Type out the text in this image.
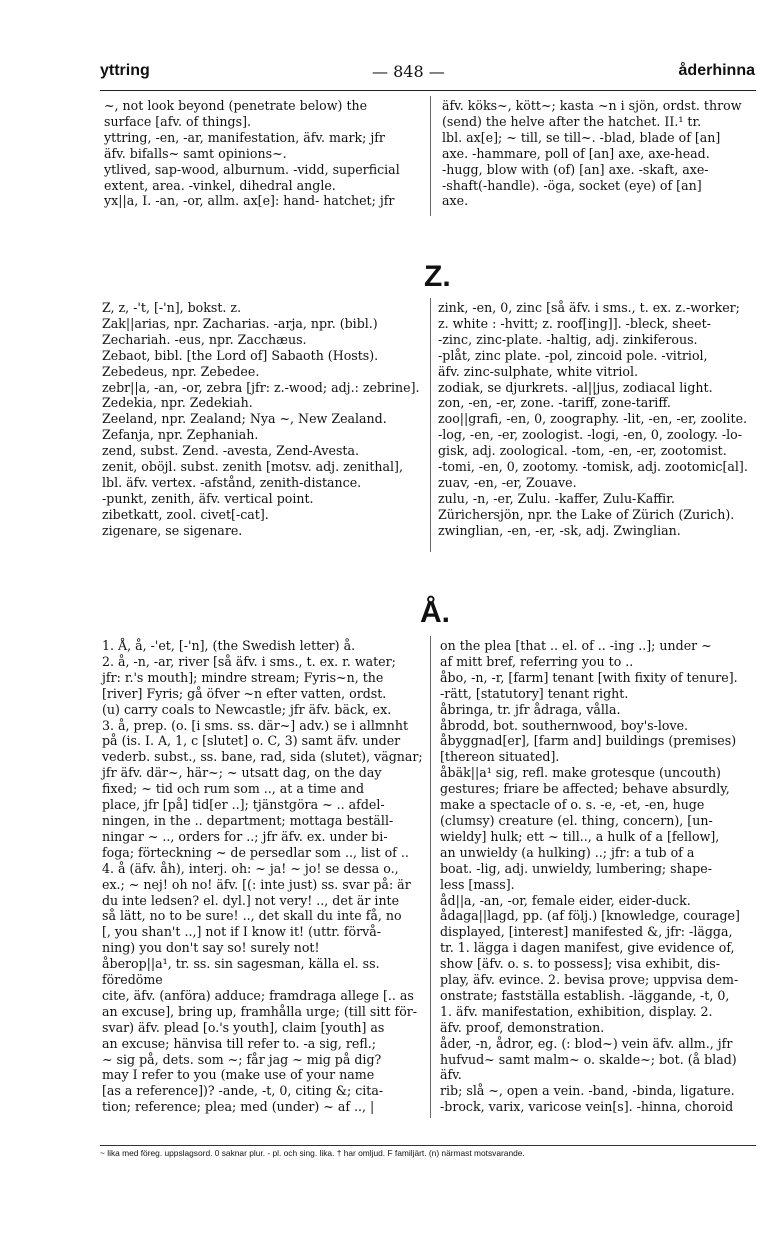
yttring	— 848 —	åderhinna

~, not look beyond (penetrate below) the

surface [afv. of things].

yttring, -en, -ar, manifestation, äfv. mark; jfr

äfv. bifalls~ samt opinions~.

ytlived, sap-wood, alburnum. -vidd, superficial

extent, area. -vinkel, dihedral angle.

yx||a, I. -an, -or, allm. ax[e]: hand- hatchet; jfr

äfv. köks~, kött~; kasta ~n i sjön, ordst. throw

(send) the helve after the hatchet. II.¹ tr.

lbl. ax[e]; ~ till, se till~. -blad, blade of [an]

axe. -hammare, poll of [an] axe, axe-head.

-hugg, blow with (of) [an] axe. -skaft, axe-

-shaft(-handle). -öga, socket (eye) of [an]

axe.

Z.

Z, z, -'t, [-'n], bokst. z.

Zak||arias, npr. Zacharias. -arja, npr. (bibl.)

Zechariah. -eus, npr. Zacchæus.

Zebaot, bibl. [the Lord of] Sabaoth (Hosts).

Zebedeus, npr. Zebedee.

zebr||a, -an, -or, zebra [jfr: z.-wood; adj.: zebrine].

Zedekia, npr. Zedekiah.

Zeeland, npr. Zealand; Nya ~, New Zealand.

Zefanja, npr. Zephaniah.

zend, subst. Zend. -avesta, Zend-Avesta.

zenit, oböjl. subst. zenith [motsv. adj. zenithal],

lbl. äfv. vertex. -afstånd, zenith-distance.

-punkt, zenith, äfv. vertical point.

zibetkatt, zool. civet[-cat].

zigenare, se sigenare.

zink, -en, 0, zinc [så äfv. i sms., t. ex. z.-worker;

z. white : -hvitt; z. roof[ing]]. -bleck, sheet-

-zinc, zinc-plate. -haltig, adj. zinkiferous.

-plåt, zinc plate. -pol, zincoid pole. -vitriol,

äfv. zinc-sulphate, white vitriol.

zodiak, se djurkrets. -al||jus, zodiacal light.

zon, -en, -er, zone. -tariff, zone-tariff.

zoo||grafi, -en, 0, zoography. -lit, -en, -er, zoolite.

-log, -en, -er, zoologist. -logi, -en, 0, zoology. -lo-

gisk, adj. zoological. -tom, -en, -er, zootomist.

-tomi, -en, 0, zootomy. -tomisk, adj. zootomic[al].

zuav, -en, -er, Zouave.

zulu, -n, -er, Zulu. -kaffer, Zulu-Kaffir.

Zürichersjön, npr. the Lake of Zürich (Zurich).

zwinglian, -en, -er, -sk, adj. Zwinglian.

Å.

1. Å, å, -'et, [-'n], (the Swedish letter) å.

2. å, -n, -ar, river [så äfv. i sms., t. ex. r. water;

jfr: r.'s mouth]; mindre stream; Fyris~n, the

[river] Fyris; gå öfver ~n efter vatten, ordst.

(u) carry coals to Newcastle; jfr äfv. bäck, ex.

3. å, prep. (o. [i sms. ss. där~] adv.) se i allmnht

på (is. I. A, 1, c [slutet] o. C, 3) samt äfv. under

vederb. subst., ss. bane, rad, sida (slutet), vägnar;

jfr äfv. där~, här~; ~ utsatt dag, on the day

fixed; ~ tid och rum som .., at a time and

place, jfr [på] tid[er ..]; tjänstgöra ~ .. afdel-

ningen, in the .. department; mottaga beställ-

ningar ~ .., orders for ..; jfr äfv. ex. under bi-

foga; förteckning ~ de persedlar som .., list of ..

4. å (äfv. åh), interj. oh: ~ ja! ~ jo! se dessa o.,

ex.; ~ nej! oh no! äfv. [(: inte just) ss. svar på: är

du inte ledsen? el. dyl.] not very! .., det är inte

så lätt, no to be sure! .., det skall du inte få, no

[, you shan't ..,] not if I know it! (uttr. förvå-

ning) you don't say so! surely not!

åberop||a¹, tr. ss. sin sagesman, källa el. ss. föredöme

cite, äfv. (anföra) adduce; framdraga allege [.. as

an excuse], bring up, framhålla urge; (till sitt för-

svar) äfv. plead [o.'s youth], claim [youth] as

an excuse; hänvisa till refer to. -a sig, refl.;

~ sig på, dets. som ~; får jag ~ mig på dig?

may I refer to you (make use of your name

[as a reference])? -ande, -t, 0, citing &; cita-

tion; reference; plea; med (under) ~ af .., |

on the plea [that .. el. of .. -ing ..]; under ~

af mitt bref, referring you to ..

åbo, -n, -r, [farm] tenant [with fixity of tenure].

-rätt, [statutory] tenant right.

åbringa, tr. jfr ådraga, vålla.

åbrodd, bot. southernwood, boy's-love.

åbyggnad[er], [farm and] buildings (premises)

[thereon situated].

åbäk||a¹ sig, refl. make grotesque (uncouth)

gestures; friare be affected; behave absurdly,

make a spectacle of o. s. -e, -et, -en, huge

(clumsy) creature (el. thing, concern), [un-

wieldy] hulk; ett ~ till.., a hulk of a [fellow],

an unwieldy (a hulking) ..; jfr: a tub of a

boat. -lig, adj. unwieldy, lumbering; shape-

less [mass].

åd||a, -an, -or, female eider, eider-duck.

ådaga||lagd, pp. (af följ.) [knowledge, courage]

displayed, [interest] manifested &, jfr: -lägga,

tr. 1. lägga i dagen manifest, give evidence of,

show [äfv. o. s. to possess]; visa exhibit, dis-

play, äfv. evince. 2. bevisa prove; uppvisa dem-

onstrate; fastställa establish. -läggande, -t, 0,

1. äfv. manifestation, exhibition, display. 2.

äfv. proof, demonstration.

åder, -n, ådror, eg. (: blod~) vein äfv. allm., jfr

hufvud~ samt malm~ o. skalde~; bot. (å blad) äfv.

rib; slå ~, open a vein. -band, -binda, ligature.

-brock, varix, varicose vein[s]. -hinna, choroid

~ lika med föreg. uppslagsord. 0 saknar plur. - pl. och sing. lika. † har omljud. F familjärt. (n) närmast motsvarande.
